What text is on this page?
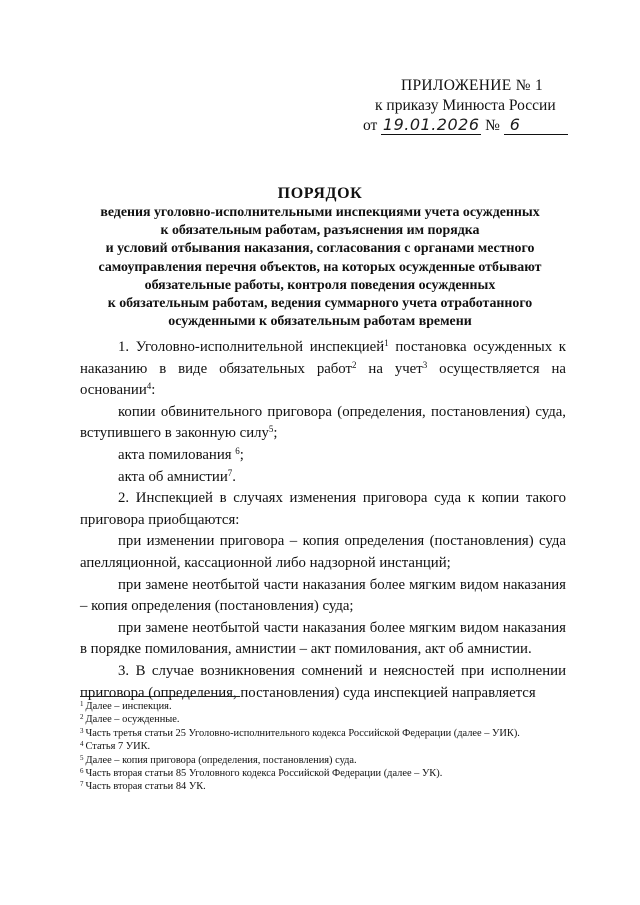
ПРИЛОЖЕНИЕ № 1
к приказу Минюста России
от 19.01.2026 № 6
ПОРЯДОК
ведения уголовно-исполнительными инспекциями учета осужденных
к обязательным работам, разъяснения им порядка
и условий отбывания наказания, согласования с органами местного
самоуправления перечня объектов, на которых осужденные отбывают
обязательные работы, контроля поведения осужденных
к обязательным работам, ведения суммарного учета отработанного
осужденными к обязательным работам времени

1. Уголовно-исполнительной инспекцией$^1$ постановка осужденных к наказанию в виде обязательных работ$^2$ на учет$^3$ осуществляется на основании$^4$:

копии обвинительного приговора (определения, постановления) суда, вступившего в законную силу$^5$;

акта помилования $^6$;

акта об амнистии$^7$.

2. Инспекцией в случаях изменения приговора суда к копии такого приговора приобщаются:

при изменении приговора – копия определения (постановления) суда апелляционной, кассационной либо надзорной инстанций;

при замене неотбытой части наказания более мягким видом наказания – копия определения (постановления) суда;

при замене неотбытой части наказания более мягким видом наказания в порядке помилования, амнистии – акт помилования, акт об амнистии.

3. В случае возникновения сомнений и неясностей при исполнении приговора (определения, постановления) суда инспекцией направляется

$^1$ Далее – инспекция.
$^2$ Далее – осужденные.
$^3$ Часть третья статьи 25 Уголовно-исполнительного кодекса Российской Федерации (далее – УИК).
$^4$ Статья 7 УИК.
$^5$ Далее – копия приговора (определения, постановления) суда.
$^6$ Часть вторая статьи 85 Уголовного кодекса Российской Федерации (далее – УК).
$^7$ Часть вторая статьи 84 УК.
